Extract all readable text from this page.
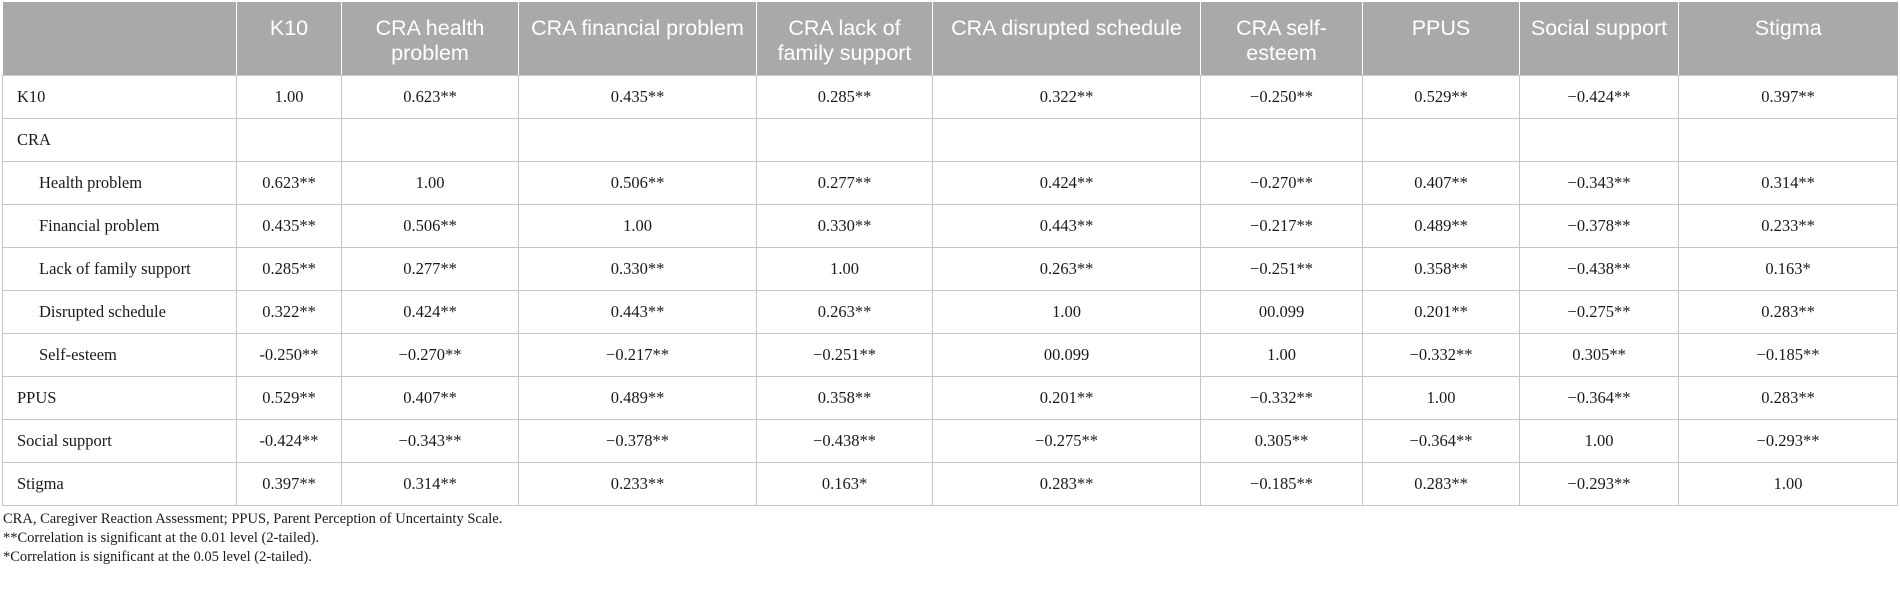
	K10	CRA health problem	CRA financial problem	CRA lack of family support	CRA disrupted schedule	CRA self-esteem	PPUS	Social support	Stigma
K10	1.00	0.623**	0.435**	0.285**	0.322**	−0.250**	0.529**	−0.424**	0.397**
CRA									
Health problem	0.623**	1.00	0.506**	0.277**	0.424**	−0.270**	0.407**	−0.343**	0.314**
Financial problem	0.435**	0.506**	1.00	0.330**	0.443**	−0.217**	0.489**	−0.378**	0.233**
Lack of family support	0.285**	0.277**	0.330**	1.00	0.263**	−0.251**	0.358**	−0.438**	0.163*
Disrupted schedule	0.322**	0.424**	0.443**	0.263**	1.00	00.099	0.201**	−0.275**	0.283**
Self-esteem	-0.250**	−0.270**	−0.217**	−0.251**	00.099	1.00	−0.332**	0.305**	−0.185**
PPUS	0.529**	0.407**	0.489**	0.358**	0.201**	−0.332**	1.00	−0.364**	0.283**
Social support	-0.424**	−0.343**	−0.378**	−0.438**	−0.275**	0.305**	−0.364**	1.00	−0.293**
Stigma	0.397**	0.314**	0.233**	0.163*	0.283**	−0.185**	0.283**	−0.293**	1.00
CRA, Caregiver Reaction Assessment; PPUS, Parent Perception of Uncertainty Scale.
**Correlation is significant at the 0.01 level (2-tailed).
*Correlation is significant at the 0.05 level (2-tailed).
